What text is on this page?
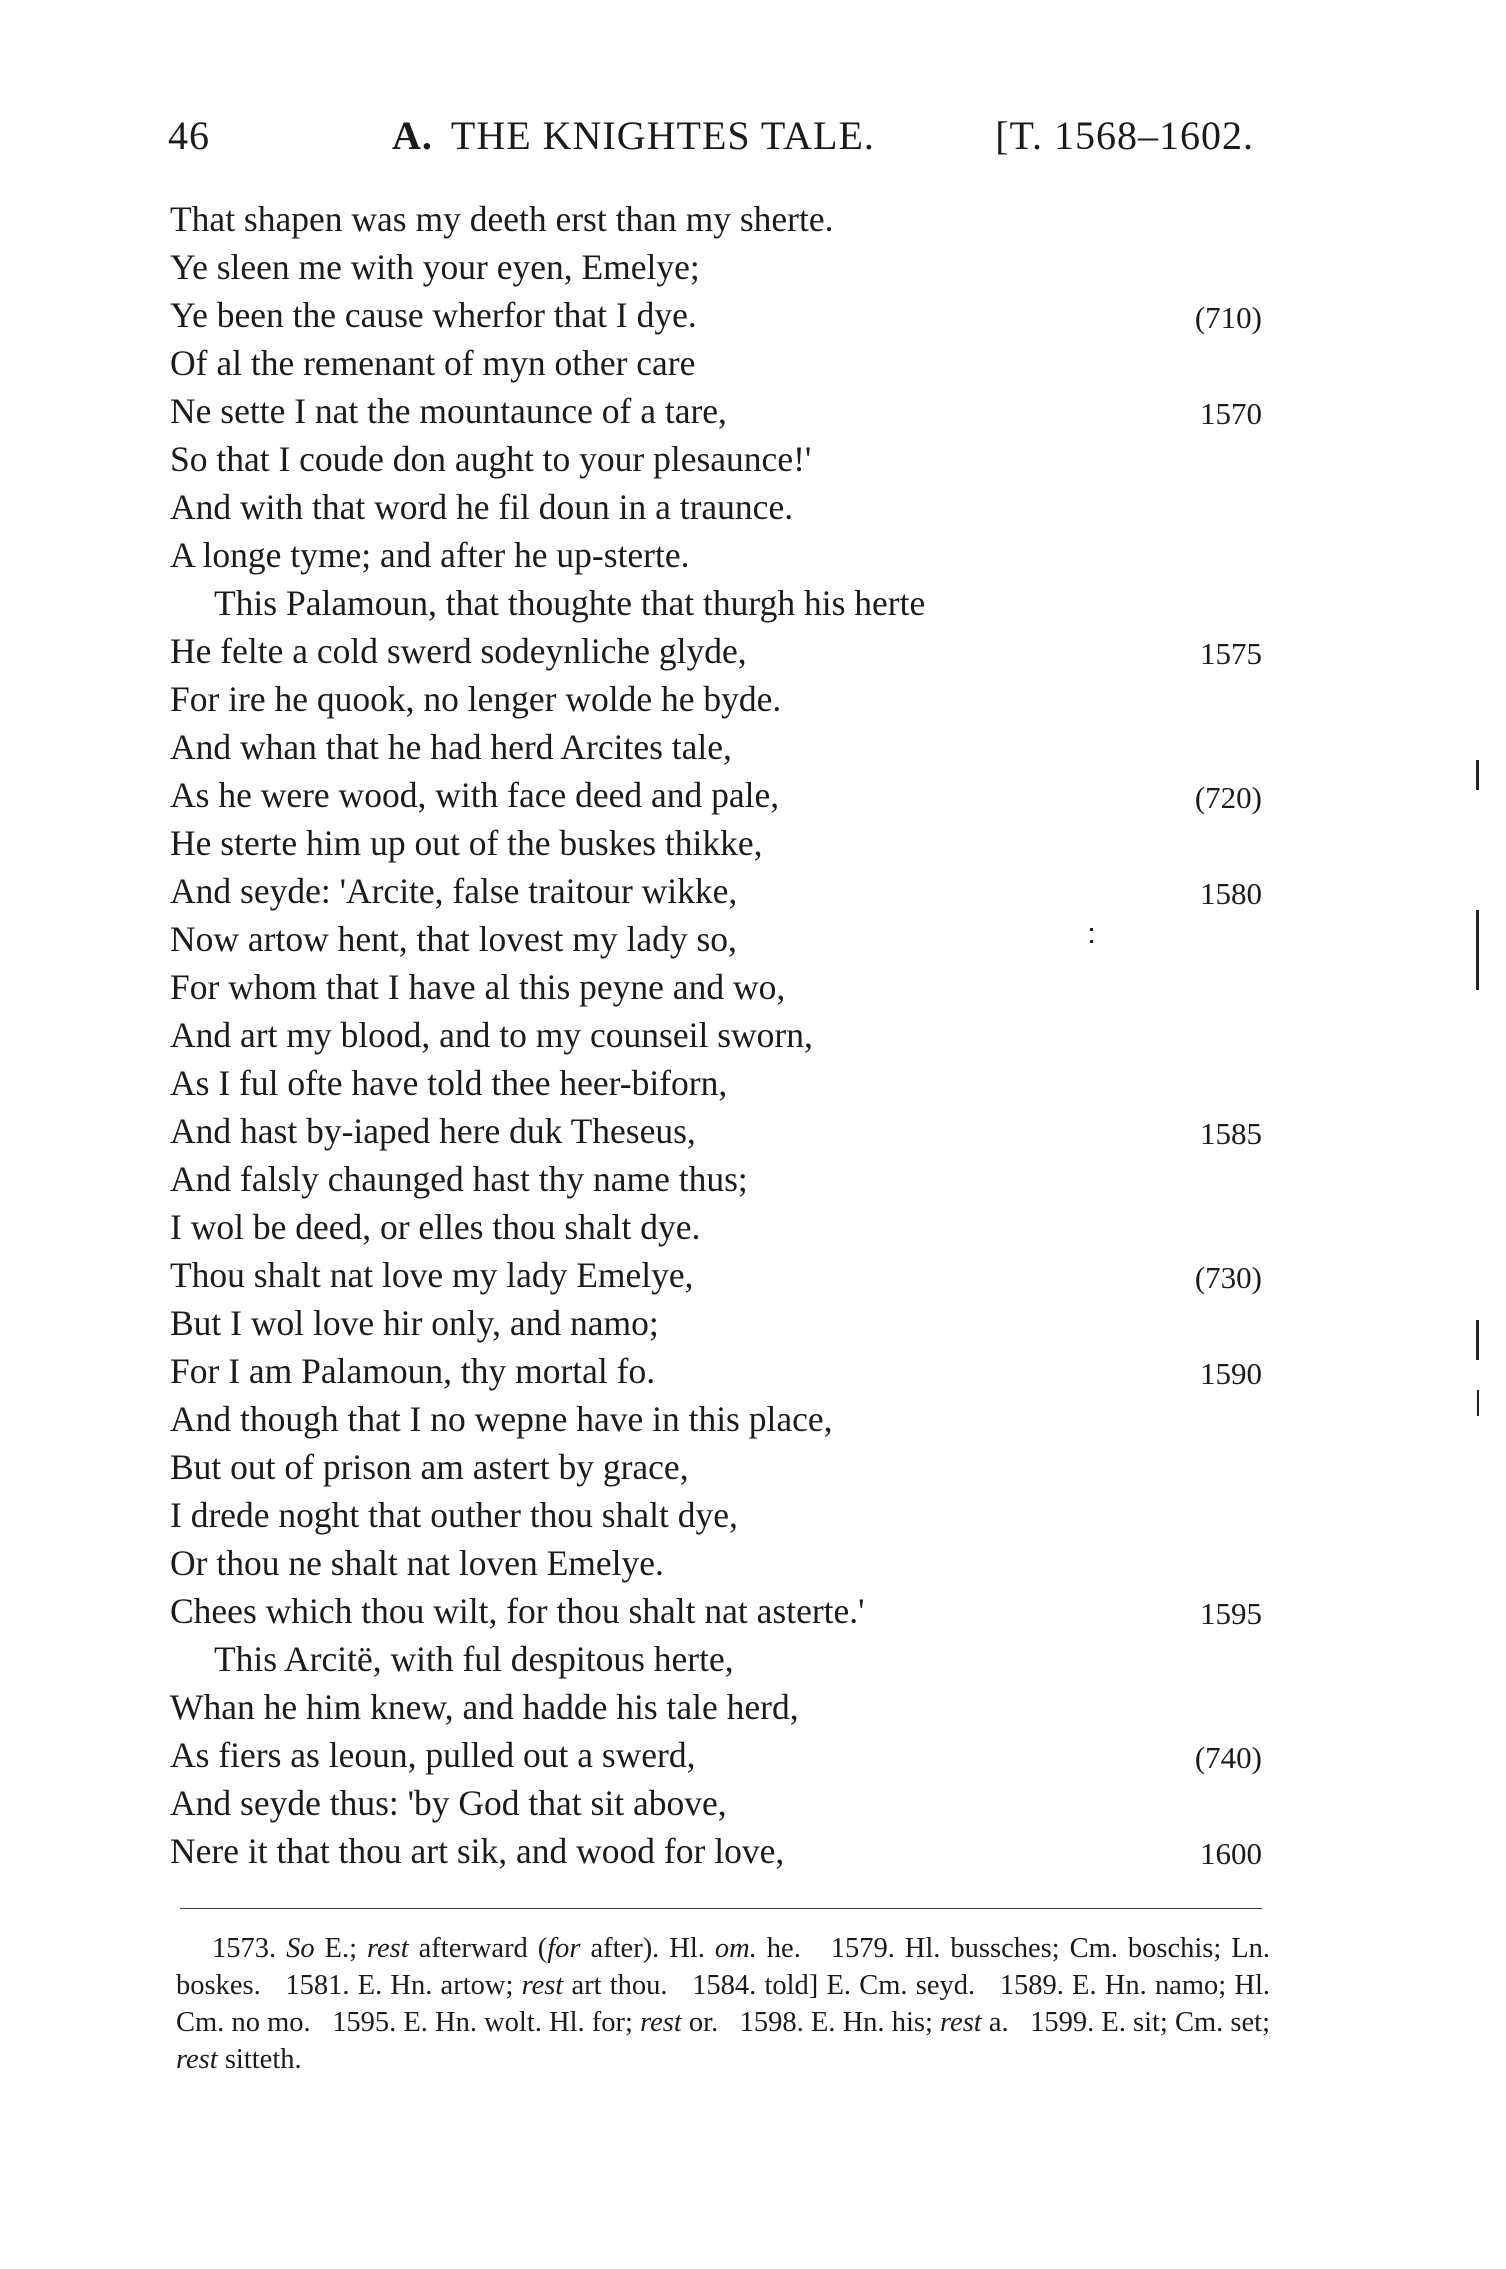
46	A. THE KNIGHTES TALE.	[T. 1568–1602.
That shapen was my deeth erst than my sherte.
Ye sleen me with your eyen, Emelye;
Ye been the cause wherfor that I dye.	(710)
Of al the remenant of myn other care
Ne sette I nat the mountaunce of a tare,	1570
So that I coude don aught to your plesaunce!'
And with that word he fil doun in a traunce.
A longe tyme; and after he up-sterte.
This Palamoun, that thoughte that thurgh his herte
He felte a cold swerd sodeynliche glyde,	1575
For ire he quook, no lenger wolde he byde.
And whan that he had herd Arcites tale,
As he were wood, with face deed and pale,	(720)
He sterte him up out of the buskes thikke,
And seyde: 'Arcite, false traitour wikke,	1580
Now artow hent, that lovest my lady so,
For whom that I have al this peyne and wo,
And art my blood, and to my counseil sworn,
As I ful ofte have told thee heer-biforn,
And hast by-iaped here duk Theseus,	1585
And falsly chaunged hast thy name thus;
I wol be deed, or elles thou shalt dye.
Thou shalt nat love my lady Emelye,	(730)
But I wol love hir only, and namo;
For I am Palamoun, thy mortal fo.	1590
And though that I no wepne have in this place,
But out of prison am astert by grace,
I drede noght that outher thou shalt dye,
Or thou ne shalt nat loven Emelye.
Chees which thou wilt, for thou shalt nat asterte.'	1595
This Arcitë, with ful despitous herte,
Whan he him knew, and hadde his tale herd,
As fiers as leoun, pulled out a swerd,	(740)
And seyde thus: 'by God that sit above,
Nere it that thou art sik, and wood for love,	1600

1573. So E.; rest afterward (for after). Hl. om. he. 1579. Hl. bussches; Cm. boschis; Ln. boskes. 1581. E. Hn. artow; rest art thou. 1584. told] E. Cm. seyd. 1589. E. Hn. namo; Hl. Cm. no mo. 1595. E. Hn. wolt. Hl. for; rest or. 1598. E. Hn. his; rest a. 1599. E. sit; Cm. set; rest sitteth.
